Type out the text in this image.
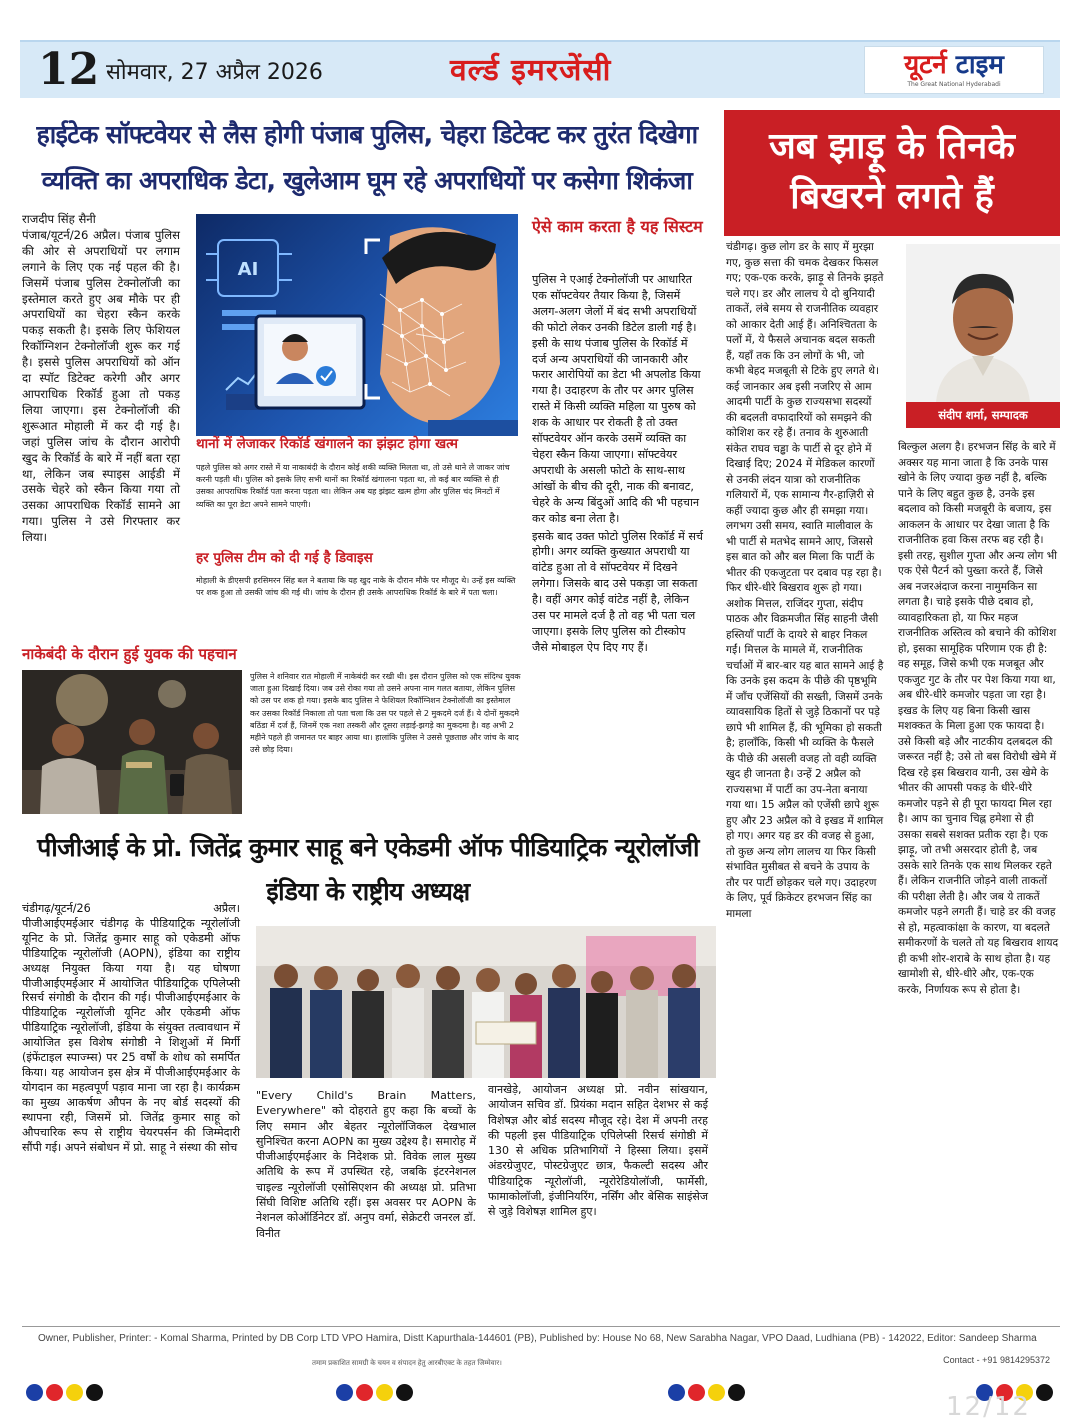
12 सोमवार, 27 अप्रैल 2026	वर्ल्ड इमरजेंसी	यूटर्न टाइम
The Great National Hyderabadi
हाईटेक सॉफ्टवेयर से लैस होगी पंजाब पुलिस, चेहरा डिटेक्ट कर तुरंत दिखेगा व्यक्ति का अपराधिक डेटा, खुलेआम घूम रहे अपराधियों पर कसेगा शिकंजा
जब झाड़ू के तिनके बिखरने लगते हैं
राजदीप सिंह सैनी
पंजाब/यूटर्न/26 अप्रैल। पंजाब पुलिस की ओर से अपराधियों पर लगाम लगाने के लिए एक नई पहल की है। जिसमें पंजाब पुलिस टेक्नोलॉजी का इस्तेमाल करते हुए अब मौके पर ही अपराधियों का चेहरा स्कैन करके पकड़ सकती है। इसके लिए फेशियल रिकॉग्निशन टेक्नोलॉजी शुरू कर गई है। इससे पुलिस अपराधियों को ऑन दा स्पॉट डिटेक्ट करेगी और अगर आपराधिक रिकॉर्ड हुआ तो पकड़ लिया जाएगा। इस टेक्नोलॉजी की शुरूआत मोहाली में कर दी गई है। जहां पुलिस जांच के दौरान आरोपी खुद के रिकॉर्ड के बारे में नहीं बता रहा था, लेकिन जब स्पाइस आईडी में उसके चेहरे को स्कैन किया गया तो उसका आपराधिक रिकॉर्ड सामने आ गया। पुलिस ने उसे गिरफ्तार कर लिया।
AI
थानों में लेजाकर रिकॉर्ड खंगालने का झंझट होगा खत्म
पहले पुलिस को अगर रास्ते में या नाकाबंदी के दौरान कोई शकी व्यक्ति मिलता था, तो उसे थाने ले जाकर जांच करनी पड़ती थी। पुलिस को इसके लिए सभी थानों का रिकॉर्ड खंगालना पड़ता था, तो कई बार व्यक्ति से ही उसका आपराधिक रिकॉर्ड पता करना पड़ता था। लेकिन अब यह झंझट खत्म होगा और पुलिस चंद मिनटों में व्यक्ति का पूरा डेटा अपने सामने पाएगी।
हर पुलिस टीम को दी गई है डिवाइस
मोहाली के डीएसपी हरसिमरन सिंह बल ने बताया कि यह खुद नाके के दौरान मौके पर मौजूद थे। उन्हें इस व्यक्ति पर शक हुआ तो उसकी जांच की गई थी। जांच के दौरान ही उसके आपराधिक रिकॉर्ड के बारे में पता चला।
ऐसे काम करता है यह सिस्टम

पुलिस ने एआई टेक्नोलॉजी पर आधारित एक सॉफ्टवेयर तैयार किया है, जिसमें अलग-अलग जेलों में बंद सभी अपराधियों की फोटो लेकर उनकी डिटेल डाली गई है। इसी के साथ पंजाब पुलिस के रिकॉर्ड में दर्ज अन्य अपराधियों की जानकारी और फरार आरोपियों का डेटा भी अपलोड किया गया है। उदाहरण के तौर पर अगर पुलिस रास्ते में किसी व्यक्ति महिला या पुरुष को शक के आधार पर रोकती है तो उक्त सॉफ्टवेयर ऑन करके उसमें व्यक्ति का चेहरा स्कैन किया जाएगा। सॉफ्टवेयर अपराधी के असली फोटो के साथ-साथ आंखों के बीच की दूरी, नाक की बनावट, चेहरे के अन्य बिंदुओं आदि की भी पहचान कर कोड बना लेता है।

इसके बाद उक्त फोटो पुलिस रिकॉर्ड में सर्च होगी। अगर व्यक्ति कुख्यात अपराधी या वांटेड हुआ तो वे सॉफ्टवेयर में दिखने लगेगा। जिसके बाद उसे पकड़ा जा सकता है। वहीं अगर कोई वांटेड नहीं है, लेकिन उस पर मामले दर्ज है तो वह भी पता चल जाएगा। इसके लिए पुलिस को टीस्कोप जैसे मोबाइल ऐप दिए गए हैं।

नाकेबंदी के दौरान हुई युवक की पहचान
पुलिस ने शनिवार रात मोहाली में नाकेबंदी कर रखी थी। इस दौरान पुलिस को एक संदिग्ध युवक जाता हुआ दिखाई दिया। जब उसे रोका गया तो उसने अपना नाम गलत बताया, लेकिन पुलिस को उस पर शक हो गया। इसके बाद पुलिस ने फेशियल रिकॉग्निशन टेक्नोलॉजी का इस्तेमाल कर उसका रिकॉर्ड निकाला तो पता चला कि उस पर पहले से 2 मुकदमे दर्ज हैं। ये दोनों मुकदमे बठिंडा में दर्ज हैं, जिनमें एक नशा तस्करी और दूसरा लड़ाई-झगड़े का मुकदमा है। वह अभी 2 महीने पहले ही जमानत पर बाहर आया था। हालांकि पुलिस ने उससे पूछताछ और जांच के बाद उसे छोड़ दिया।
पीजीआई के प्रो. जितेंद्र कुमार साहू बने एकेडमी ऑफ पीडियाट्रिक न्यूरोलॉजी इंडिया के राष्ट्रीय अध्यक्ष
चंडीगढ़/यूटर्न/26	अप्रैल।
पीजीआईएमईआर चंडीगढ़ के पीडियाट्रिक न्यूरोलॉजी यूनिट के प्रो. जितेंद्र कुमार साहू को एकेडमी ऑफ पीडियाट्रिक न्यूरोलॉजी (AOPN), इंडिया का राष्ट्रीय अध्यक्ष नियुक्त किया गया है। यह घोषणा पीजीआईएमईआर में आयोजित पीडियाट्रिक एपिलेप्सी रिसर्च संगोष्ठी के दौरान की गई। पीजीआईएमईआर के पीडियाट्रिक न्यूरोलॉजी यूनिट और एकेडमी ऑफ पीडियाट्रिक न्यूरोलॉजी, इंडिया के संयुक्त तत्वावधान में आयोजित इस विशेष संगोष्ठी ने शिशुओं में मिर्गी (इंफेंटाइल स्पाज्म्स) पर 25 वर्षों के शोध को समर्पित किया। यह आयोजन इस क्षेत्र में पीजीआईएमईआर के योगदान का महत्वपूर्ण पड़ाव माना जा रहा है। कार्यक्रम का मुख्य आकर्षण औपन के नए बोर्ड सदस्यों की स्थापना रही, जिसमें प्रो. जितेंद्र कुमार साहू को औपचारिक रूप से राष्ट्रीय चेयरपर्सन की जिम्मेदारी सौंपी गई। अपने संबोधन में प्रो. साहू ने संस्था की सोच
"Every Child's Brain Matters, Everywhere" को दोहराते हुए कहा कि बच्चों के लिए समान और बेहतर न्यूरोलॉजिकल देखभाल सुनिश्चित करना AOPN का मुख्य उद्देश्य है। समारोह में पीजीआईएमईआर के निदेशक प्रो. विवेक लाल मुख्य अतिथि के रूप में उपस्थित रहे, जबकि इंटरनेशनल चाइल्ड न्यूरोलॉजी एसोसिएशन की अध्यक्ष प्रो. प्रतिभा सिंघी विशिष्ट अतिथि रहीं। इस अवसर पर AOPN के नेशनल कोऑर्डिनेटर डॉ. अनुप वर्मा, सेक्रेटरी जनरल डॉ. विनीत
वानखेड़े, आयोजन अध्यक्ष प्रो. नवीन सांखयान, आयोजन सचिव डॉ. प्रियंका मदान सहित देशभर से कई विशेषज्ञ और बोर्ड सदस्य मौजूद रहे। देश में अपनी तरह की पहली इस पीडियाट्रिक एपिलेप्सी रिसर्च संगोष्ठी में 130 से अधिक प्रतिभागियों ने हिस्सा लिया। इसमें अंडरग्रेजुएट, पोस्टग्रेजुएट छात्र, फैकल्टी सदस्य और पीडियाट्रिक न्यूरोलॉजी, न्यूरोरेडियोलॉजी, फार्मेसी, फामाकोलॉजी, इंजीनियरिंग, नर्सिंग और बेसिक साइंसेज से जुड़े विशेषज्ञ शामिल हुए।
चंडीगढ़। कुछ लोग डर के साए में मुरझा गए, कुछ सत्ता की चमक देखकर फिसल गए; एक-एक करके, झाड़ू से तिनके झड़ते चले गए। डर और लालच ये दो बुनियादी ताकतें, लंबे समय से राजनीतिक व्यवहार को आकार देती आई हैं। अनिश्चितता के पलों में, ये फैसले अचानक बदल सकती हैं, यहाँ तक कि उन लोगों के भी, जो कभी बेहद मजबूती से टिके हुए लगते थे। कई जानकार अब इसी नजरिए से आम आदमी पार्टी के कुछ राज्यसभा सदस्यों की बदलती वफादारियों को समझने की कोशिश कर रहे हैं। तनाव के शुरुआती संकेत राघव चड्ढा के पार्टी से दूर होने में दिखाई दिए; 2024 में मेडिकल कारणों से उनकी लंदन यात्रा को राजनीतिक गलियारों में, एक सामान्य गैर-हाज़िरी से कहीं ज्यादा कुछ और ही समझा गया। लगभग उसी समय, स्वाति मालीवाल के भी पार्टी से मतभेद सामने आए, जिससे इस बात को और बल मिला कि पार्टी के भीतर की एकजुटता पर दबाव पड़ रहा है। फिर धीरे-धीरे बिखराव शुरू हो गया। अशोक मित्तल, राजिंदर गुप्ता, संदीप पाठक और विक्रमजीत सिंह साहनी जैसी हस्तियाँ पार्टी के दायरे से बाहर निकल गईं। मित्तल के मामले में, राजनीतिक चर्चाओं में बार-बार यह बात सामने आई है कि उनके इस कदम के पीछे की पृष्ठभूमि में जाँच एजेंसियों की सख्ती, जिसमें उनके व्यावसायिक हितों से जुड़े ठिकानों पर पड़े छापे भी शामिल हैं, की भूमिका हो सकती है; हालाँकि, किसी भी व्यक्ति के फैसले के पीछे की असली वजह तो वही व्यक्ति खुद ही जानता है। उन्हें 2 अप्रैल को राज्यसभा में पार्टी का उप-नेता बनाया गया था। 15 अप्रैल को एजेंसी छापे शुरू हुए और 23 अप्रैल को वे इखड में शामिल हो गए। अगर यह डर की वजह से हुआ, तो कुछ अन्य लोग लालच या फिर किसी संभावित मुसीबत से बचने के उपाय के तौर पर पार्टी छोड़कर चले गए। उदाहरण के लिए, पूर्व क्रिकेटर हरभजन सिंह का मामला
संदीप शर्मा, सम्पादक
बिल्कुल अलग है। हरभजन सिंह के बारे में अक्सर यह माना जाता है कि उनके पास खोने के लिए ज्यादा कुछ नहीं है, बल्कि पाने के लिए बहुत कुछ है, उनके इस बदलाव को किसी मजबूरी के बजाय, इस आकलन के आधार पर देखा जाता है कि राजनीतिक हवा किस तरफ बह रही है। इसी तरह, सुशील गुप्ता और अन्य लोग भी एक ऐसे पैटर्न को पुख्ता करते हैं, जिसे अब नजरअंदाज करना नामुमकिन सा लगता है। चाहे इसके पीछे दबाव हो, व्यावहारिकता हो, या फिर महज राजनीतिक अस्तित्व को बचाने की कोशिश हो, इसका सामूहिक परिणाम एक ही है: वह समूह, जिसे कभी एक मजबूत और एकजुट गुट के तौर पर पेश किया गया था, अब धीरे-धीरे कमजोर पड़ता जा रहा है। इखड के लिए यह बिना किसी खास मशक्कत के मिला हुआ एक फायदा है। उसे किसी बड़े और नाटकीय दलबदल की जरूरत नहीं है; उसे तो बस विरोधी खेमे में दिख रहे इस बिखराव यानी, उस खेमे के भीतर की आपसी पकड़ के धीरे-धीरे कमजोर पड़ने से ही पूरा फायदा मिल रहा है। आप का चुनाव चिह्न हमेशा से ही उसका सबसे सशक्त प्रतीक रहा है। एक झाड़ू, जो तभी असरदार होती है, जब उसके सारे तिनके एक साथ मिलकर रहते हैं। लेकिन राजनीति जोड़ने वाली ताकतों की परीक्षा लेती है। और जब ये ताकतें कमजोर पड़ने लगती हैं। चाहे डर की वजह से हो, महत्वाकांक्षा के कारण, या बदलते समीकरणों के चलते तो यह बिखराव शायद ही कभी शोर-शराबे के साथ होता है। यह खामोशी से, धीरे-धीरे और, एक-एक करके, निर्णायक रूप से होता है।
Owner, Publisher, Printer: - Komal Sharma, Printed by DB Corp LTD VPO Hamira, Distt Kapurthala-144601 (PB), Published by: House No 68, New Sarabha Nagar, VPO Daad, Ludhiana (PB) - 142022, Editor: Sandeep Sharma
तमाम प्रकाशित सामग्री के चयन व संपादन हेतु आरबीएक्ट के तहत जिम्मेवार।	Contact - +91 9814295372
12/12
